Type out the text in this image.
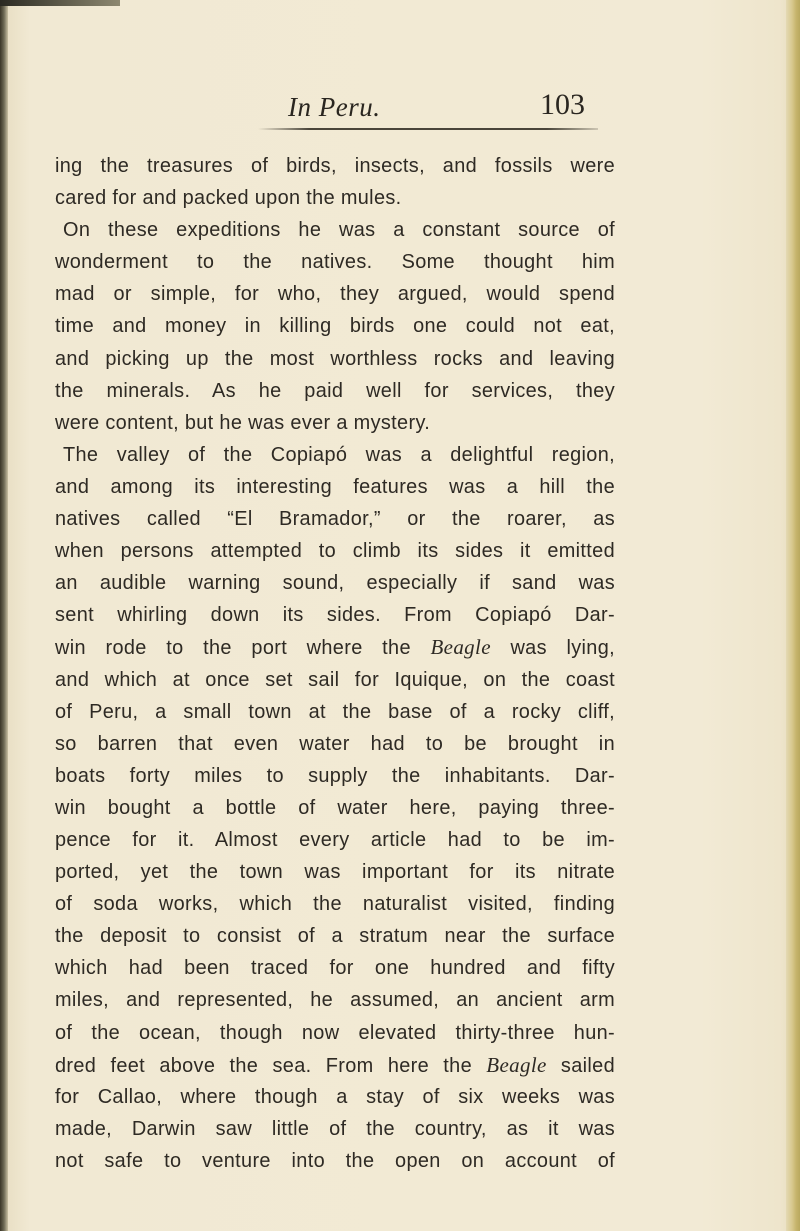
In Peru.	103
ing the treasures of birds, insects, and fossils were
cared for and packed upon the mules.
On these expeditions he was a constant source of
wonderment to the natives. Some thought him
mad or simple, for who, they argued, would spend
time and money in killing birds one could not eat,
and picking up the most worthless rocks and leaving
the minerals. As he paid well for services, they
were content, but he was ever a mystery.
The valley of the Copiapó was a delightful region,
and among its interesting features was a hill the
natives called “El Bramador,” or the roarer, as
when persons attempted to climb its sides it emitted
an audible warning sound, especially if sand was
sent whirling down its sides. From Copiapó Dar-
win rode to the port where the Beagle was lying,
and which at once set sail for Iquique, on the coast
of Peru, a small town at the base of a rocky cliff,
so barren that even water had to be brought in
boats forty miles to supply the inhabitants. Dar-
win bought a bottle of water here, paying three-
pence for it. Almost every article had to be im-
ported, yet the town was important for its nitrate
of soda works, which the naturalist visited, finding
the deposit to consist of a stratum near the surface
which had been traced for one hundred and fifty
miles, and represented, he assumed, an ancient arm
of the ocean, though now elevated thirty-three hun-
dred feet above the sea. From here the Beagle sailed
for Callao, where though a stay of six weeks was
made, Darwin saw little of the country, as it was
not safe to venture into the open on account of
